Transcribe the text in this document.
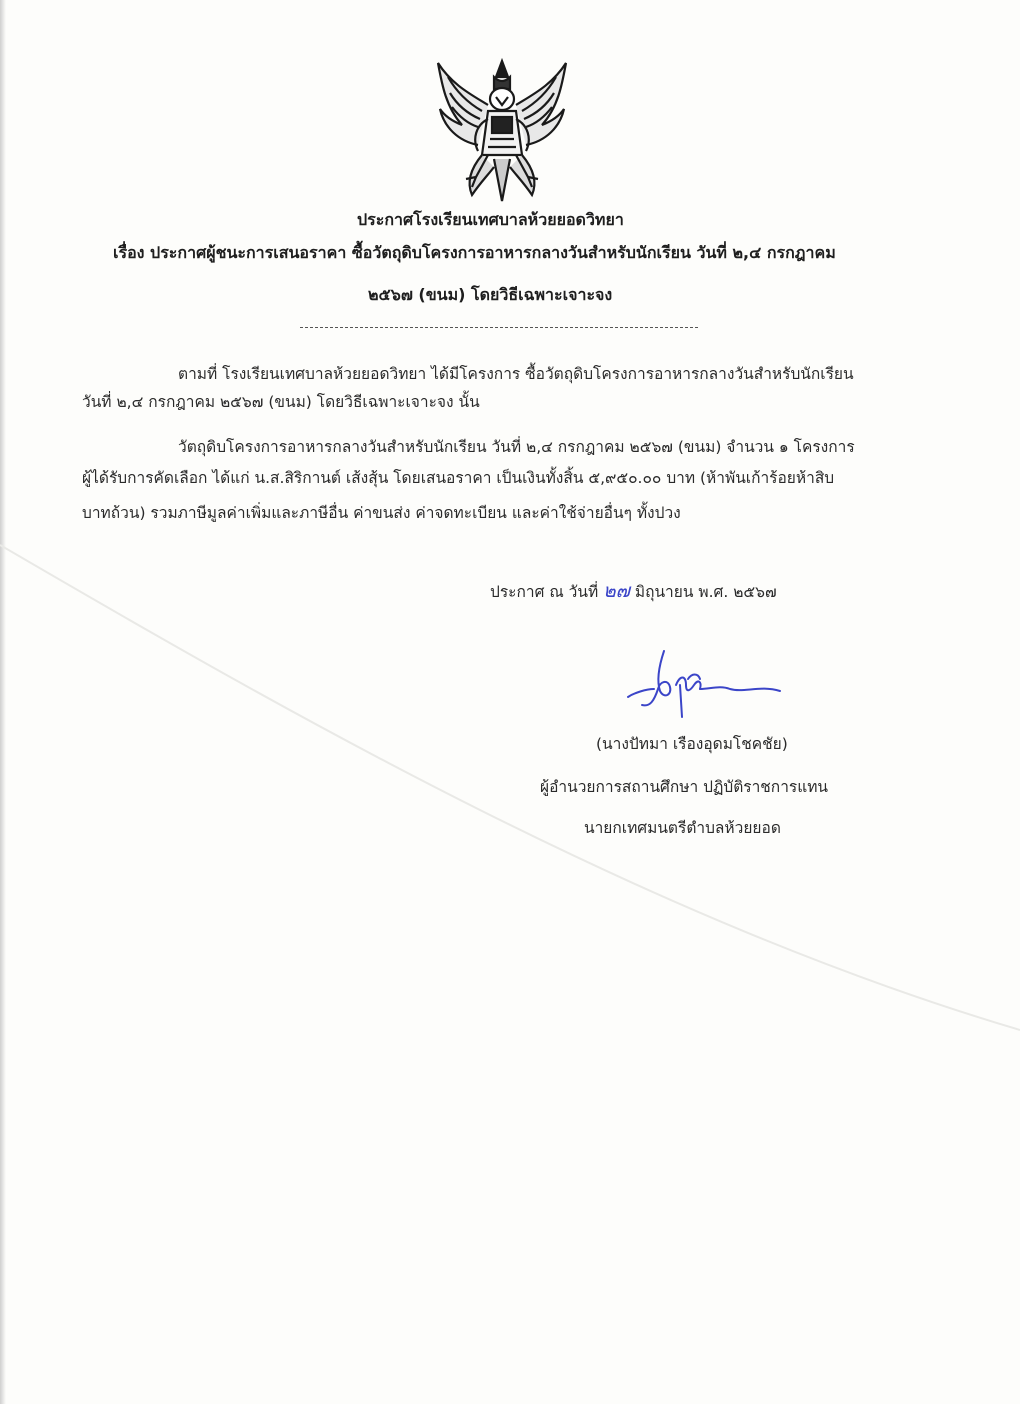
ประกาศโรงเรียนเทศบาลห้วยยอดวิทยา
เรื่อง ประกาศผู้ชนะการเสนอราคา ซื้อวัตถุดิบโครงการอาหารกลางวันสำหรับนักเรียน วันที่ ๒,๔ กรกฎาคม
๒๕๖๗ (ขนม) โดยวิธีเฉพาะเจาะจง
ตามที่ โรงเรียนเทศบาลห้วยยอดวิทยา ได้มีโครงการ ซื้อวัตถุดิบโครงการอาหารกลางวันสำหรับนักเรียน
วันที่ ๒,๔ กรกฎาคม ๒๕๖๗ (ขนม) โดยวิธีเฉพาะเจาะจง นั้น
วัตถุดิบโครงการอาหารกลางวันสำหรับนักเรียน วันที่ ๒,๔ กรกฎาคม ๒๕๖๗ (ขนม) จำนวน ๑ โครงการ
ผู้ได้รับการคัดเลือก ได้แก่ น.ส.สิริกานต์ เส้งสุ้น โดยเสนอราคา เป็นเงินทั้งสิ้น ๕,๙๕๐.๐๐ บาท (ห้าพันเก้าร้อยห้าสิบ
บาทถ้วน) รวมภาษีมูลค่าเพิ่มและภาษีอื่น ค่าขนส่ง ค่าจดทะเบียน และค่าใช้จ่ายอื่นๆ ทั้งปวง
ประกาศ ณ วันที่ ๒๗ มิถุนายน พ.ศ. ๒๕๖๗
(นางปัทมา เรืองอุดมโชคชัย)
ผู้อำนวยการสถานศึกษา ปฏิบัติราชการแทน
นายกเทศมนตรีตำบลห้วยยอด
